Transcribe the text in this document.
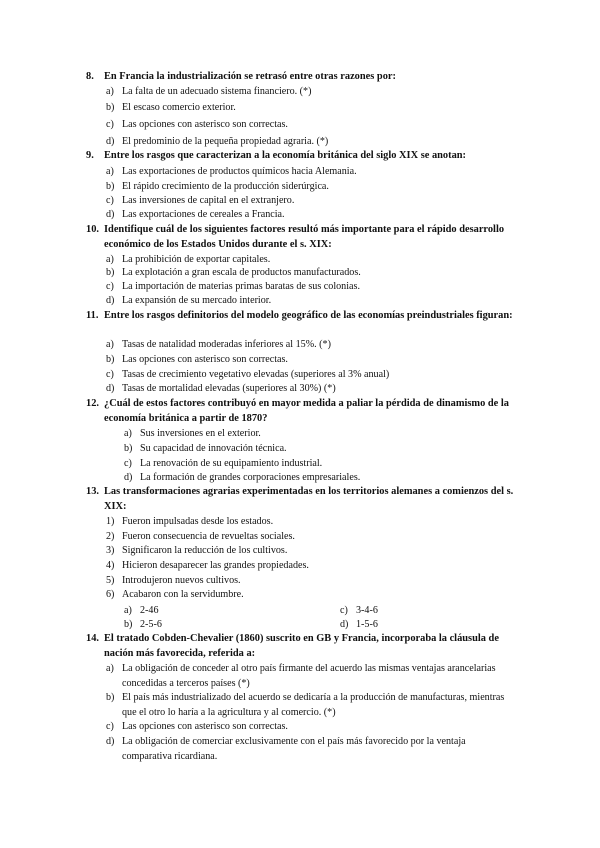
8. En Francia la industrialización se retrasó entre otras razones por:
a) La falta de un adecuado sistema financiero. (*)
b) El escaso comercio exterior.
c) Las opciones con asterisco son correctas.
d) El predominio de la pequeña propiedad agraria. (*)
9. Entre los rasgos que caracterizan a la economía británica del siglo XIX se anotan:
a) Las exportaciones de productos químicos hacia Alemania.
b) El rápido crecimiento de la producción siderúrgica.
c) Las inversiones de capital en el extranjero.
d) Las exportaciones de cereales a Francia.
10. Identifique cuál de los siguientes factores resultó más importante para el rápido desarrollo económico de los Estados Unidos durante el s. XIX:
a) La prohibición de exportar capitales.
b) La explotación a gran escala de productos manufacturados.
c) La importación de materias primas baratas de sus colonias.
d) La expansión de su mercado interior.
11. Entre los rasgos definitorios del modelo geográfico de las economías preindustriales figuran:
a) Tasas de natalidad moderadas inferiores al 15%. (*)
b) Las opciones con asterisco son correctas.
c) Tasas de crecimiento vegetativo elevadas (superiores al 3% anual)
d) Tasas de mortalidad elevadas (superiores al 30%) (*)
12. ¿Cuál de estos factores contribuyó en mayor medida a paliar la pérdida de dinamismo de la economía británica a partir de 1870?
a) Sus inversiones en el exterior.
b) Su capacidad de innovación técnica.
c) La renovación de su equipamiento industrial.
d) La formación de grandes corporaciones empresariales.
13. Las transformaciones agrarias experimentadas en los territorios alemanes a comienzos del s. XIX:
1) Fueron impulsadas desde los estados.
2) Fueron consecuencia de revueltas sociales.
3) Significaron la reducción de los cultivos.
4) Hicieron desaparecer las grandes propiedades.
5) Introdujeron nuevos cultivos.
6) Acabaron con la servidumbre.
a) 2-46
b) 2-5-6
c) 3-4-6
d) 1-5-6
14. El tratado Cobden-Chevalier (1860) suscrito en GB y Francia, incorporaba la cláusula de nación más favorecida, referida a:
a) La obligación de conceder al otro país firmante del acuerdo las mismas ventajas arancelarias concedidas a terceros países (*)
b) El país más industrializado del acuerdo se dedicaría a la producción de manufacturas, mientras que el otro lo haría a la agricultura y al comercio. (*)
c) Las opciones con asterisco son correctas.
d) La obligación de comerciar exclusivamente con el país más favorecido por la ventaja comparativa ricardiana.
